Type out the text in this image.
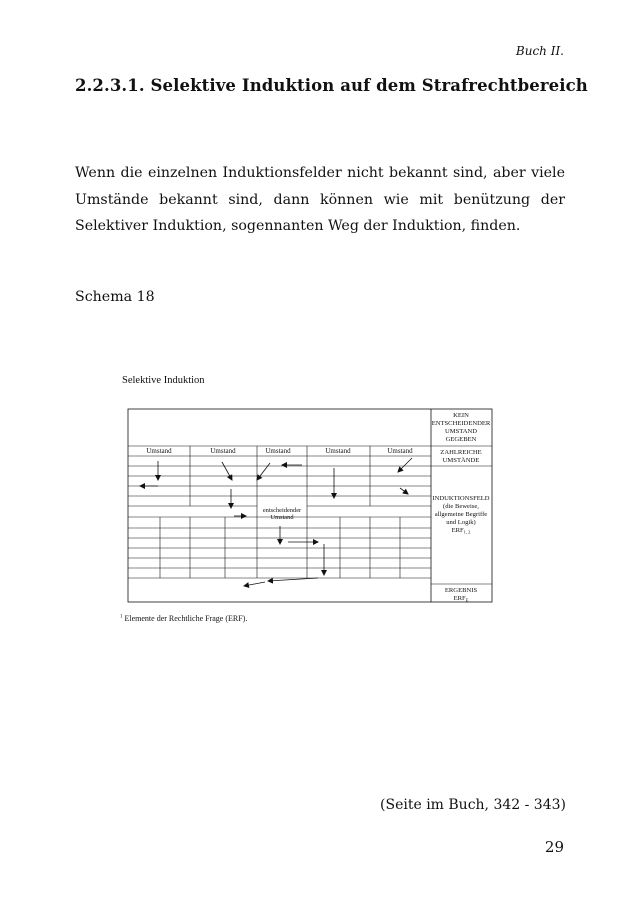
Buch II.
2.2.3.1. Selektive Induktion auf dem Strafrechtbereich

Wenn die einzelnen Induktionsfelder nicht bekannt sind, aber viele Umstände bekannt sind, dann können wie mit benützung der Selektiver Induktion, sogennanten Weg der Induktion, finden.

Schema 18
Selektive Induktion
Umstand	Umstand	Umstand	Umstand	Umstand
KEIN
ENTSCHEIDENDER
UMSTAND
GEGEBEN
ZAHLREICHE
UMSTÄNDE
INDUKTIONSFELD
(die Beweise,
allgemeine Begriffe
und Logik)
$ERF_{1, 2}$
ERGEBNIS
$ERF_E$
entscheidender
Umstand
$^1$ Elemente der Rechtliche Frage (ERF).
(Seite im Buch, 342 - 343)
29
